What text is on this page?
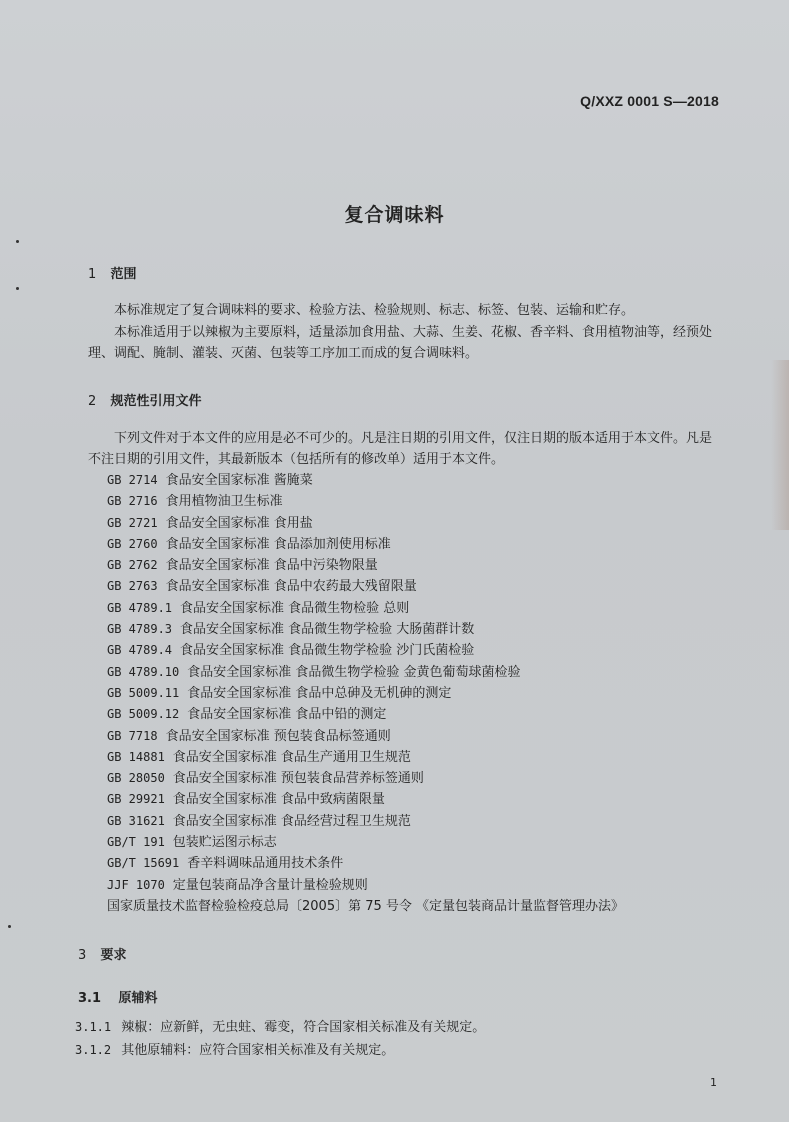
Q/XXZ 0001 S—2018
复合调味料
1 范围
本标准规定了复合调味料的要求、检验方法、检验规则、标志、标签、包装、运输和贮存。
本标准适用于以辣椒为主要原料，适量添加食用盐、大蒜、生姜、花椒、香辛料、食用植物油等，经预处理、调配、腌制、灌装、灭菌、包装等工序加工而成的复合调味料。
2 规范性引用文件
下列文件对于本文件的应用是必不可少的。凡是注日期的引用文件，仅注日期的版本适用于本文件。凡是不注日期的引用文件，其最新版本（包括所有的修改单）适用于本文件。
GB 2714 食品安全国家标准 酱腌菜
GB 2716 食用植物油卫生标准
GB 2721 食品安全国家标准 食用盐
GB 2760 食品安全国家标准 食品添加剂使用标准
GB 2762 食品安全国家标准 食品中污染物限量
GB 2763 食品安全国家标准 食品中农药最大残留限量
GB 4789.1 食品安全国家标准 食品微生物检验 总则
GB 4789.3 食品安全国家标准 食品微生物学检验 大肠菌群计数
GB 4789.4 食品安全国家标准 食品微生物学检验 沙门氏菌检验
GB 4789.10 食品安全国家标准 食品微生物学检验 金黄色葡萄球菌检验
GB 5009.11 食品安全国家标准 食品中总砷及无机砷的测定
GB 5009.12 食品安全国家标准 食品中铅的测定
GB 7718 食品安全国家标准 预包装食品标签通则
GB 14881 食品安全国家标准 食品生产通用卫生规范
GB 28050 食品安全国家标准 预包装食品营养标签通则
GB 29921 食品安全国家标准 食品中致病菌限量
GB 31621 食品安全国家标准 食品经营过程卫生规范
GB/T 191 包装贮运图示标志
GB/T 15691 香辛料调味品通用技术条件
JJF 1070 定量包装商品净含量计量检验规则
国家质量技术监督检验检疫总局〔2005〕第 75 号令 《定量包装商品计量监督管理办法》
3 要求
3.1 原辅料
3.1.1 辣椒：应新鲜，无虫蛀、霉变，符合国家相关标准及有关规定。
3.1.2 其他原辅料：应符合国家相关标准及有关规定。
1
